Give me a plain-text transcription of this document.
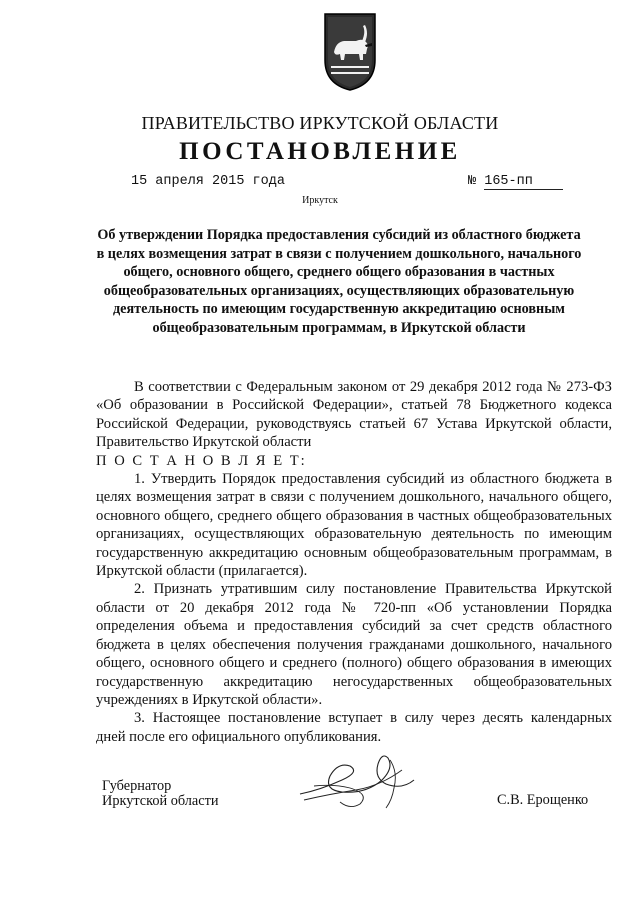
ПРАВИТЕЛЬСТВО ИРКУТСКОЙ ОБЛАСТИ
ПОСТАНОВЛЕНИЕ
15 апреля 2015 года	№ 165-пп
Иркутск

Об утверждении Порядка предоставления субсидий из областного бюджета в целях возмещения затрат в связи с получением дошкольного, начального общего, основного общего, среднего общего образования в частных общеобразовательных организациях, осуществляющих образовательную деятельность по имеющим государственную аккредитацию основным общеобразовательным программам, в Иркутской области

В соответствии с Федеральным законом от 29 декабря 2012 года № 273-ФЗ «Об образовании в Российской Федерации», статьей 78 Бюджетного кодекса Российской Федерации, руководствуясь статьей 67 Устава Иркутской области, Правительство Иркутской области

П О С Т А Н О В Л Я Е Т:

1. Утвердить Порядок предоставления субсидий из областного бюджета в целях возмещения затрат в связи с получением дошкольного, начального общего, основного общего, среднего общего образования в частных общеобразовательных организациях, осуществляющих образовательную деятельность по имеющим государственную аккредитацию основным общеобразовательным программам, в Иркутской области (прилагается).

2. Признать утратившим силу постановление Правительства Иркутской области от 20 декабря 2012 года № 720-пп «Об установлении Порядка определения объема и предоставления субсидий за счет средств областного бюджета в целях обеспечения получения гражданами дошкольного, начального общего, основного общего и среднего (полного) общего образования в имеющих государственную аккредитацию негосударственных общеобразовательных учреждениях в Иркутской области».

3. Настоящее постановление вступает в силу через десять календарных дней после его официального опубликования.

Губернатор
Иркутской области	С.В. Ерощенко
